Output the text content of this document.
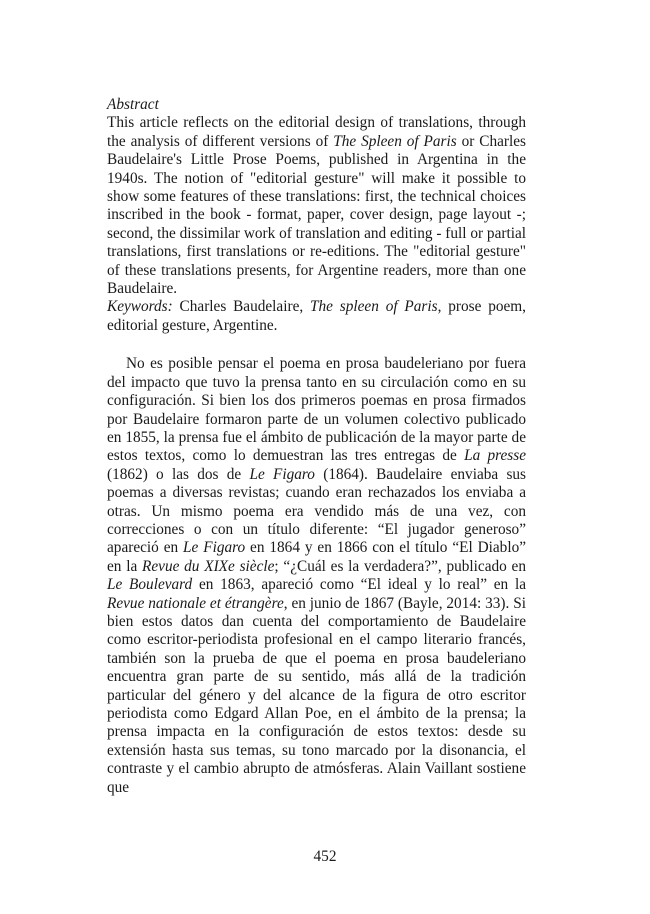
Abstract

This article reflects on the editorial design of translations, through the analysis of different versions of The Spleen of Paris or Charles Baudelaire's Little Prose Poems, published in Argentina in the 1940s. The notion of "editorial gesture" will make it possible to show some features of these translations: first, the technical choices inscribed in the book - format, paper, cover design, page layout -; second, the dissimilar work of translation and editing - full or partial translations, first translations or re-editions. The "editorial gesture" of these translations presents, for Argentine readers, more than one Baudelaire.

Keywords: Charles Baudelaire, The spleen of Paris, prose poem, editorial gesture, Argentine.

No es posible pensar el poema en prosa baudeleriano por fuera del impacto que tuvo la prensa tanto en su circulación como en su configuración. Si bien los dos primeros poemas en prosa firmados por Baudelaire formaron parte de un volumen colectivo publicado en 1855, la prensa fue el ámbito de publicación de la mayor parte de estos textos, como lo demuestran las tres entregas de La presse (1862) o las dos de Le Figaro (1864). Baudelaire enviaba sus poemas a diversas revistas; cuando eran rechazados los enviaba a otras. Un mismo poema era vendido más de una vez, con correcciones o con un título diferente: “El jugador generoso” apareció en Le Figaro en 1864 y en 1866 con el título “El Diablo” en la Revue du XIXe siècle; “¿Cuál es la verdadera?”, publicado en Le Boulevard en 1863, apareció como “El ideal y lo real” en la Revue nationale et étrangère, en junio de 1867 (Bayle, 2014: 33). Si bien estos datos dan cuenta del comportamiento de Baudelaire como escritor-periodista profesional en el campo literario francés, también son la prueba de que el poema en prosa baudeleriano encuentra gran parte de su sentido, más allá de la tradición particular del género y del alcance de la figura de otro escritor periodista como Edgard Allan Poe, en el ámbito de la prensa; la prensa impacta en la configuración de estos textos: desde su extensión hasta sus temas, su tono marcado por la disonancia, el contraste y el cambio abrupto de atmósferas. Alain Vaillant sostiene que

452
